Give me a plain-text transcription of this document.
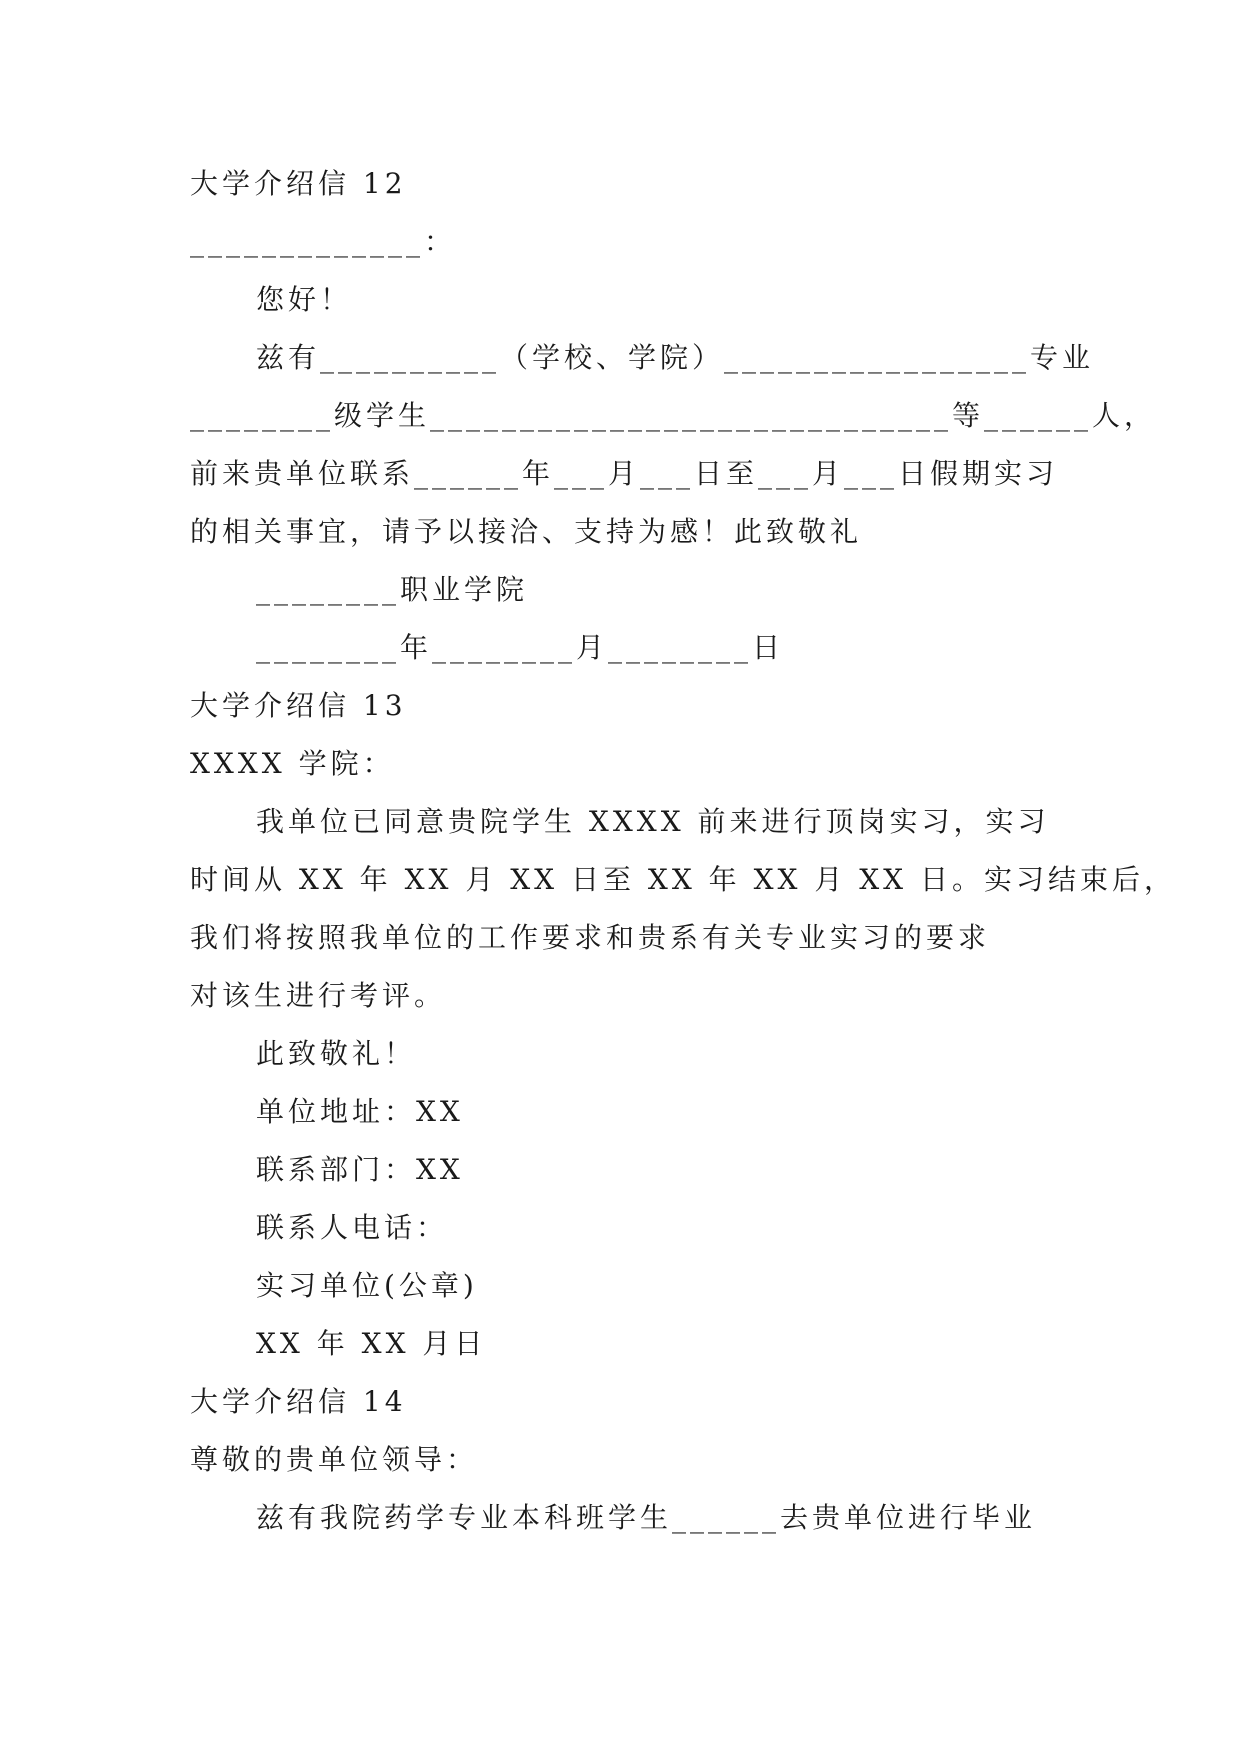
大学介绍信 12
_____________：
您好！
兹有__________（学校、学院）_________________专业
________级学生_____________________________等______人，
前来贵单位联系______年___月___日至___月___日假期实习
的相关事宜，请予以接洽、支持为感！此致敬礼
________职业学院
________年________月________日
大学介绍信 13
XXXX 学院：
我单位已同意贵院学生 XXXX 前来进行顶岗实习，实习
时间从 XX 年 XX 月 XX 日至 XX 年 XX 月 XX 日。实习结束后，
我们将按照我单位的工作要求和贵系有关专业实习的要求
对该生进行考评。
此致敬礼！
单位地址：XX
联系部门：XX
联系人电话：
实习单位(公章)
XX 年 XX 月日
大学介绍信 14
尊敬的贵单位领导：
兹有我院药学专业本科班学生______去贵单位进行毕业
